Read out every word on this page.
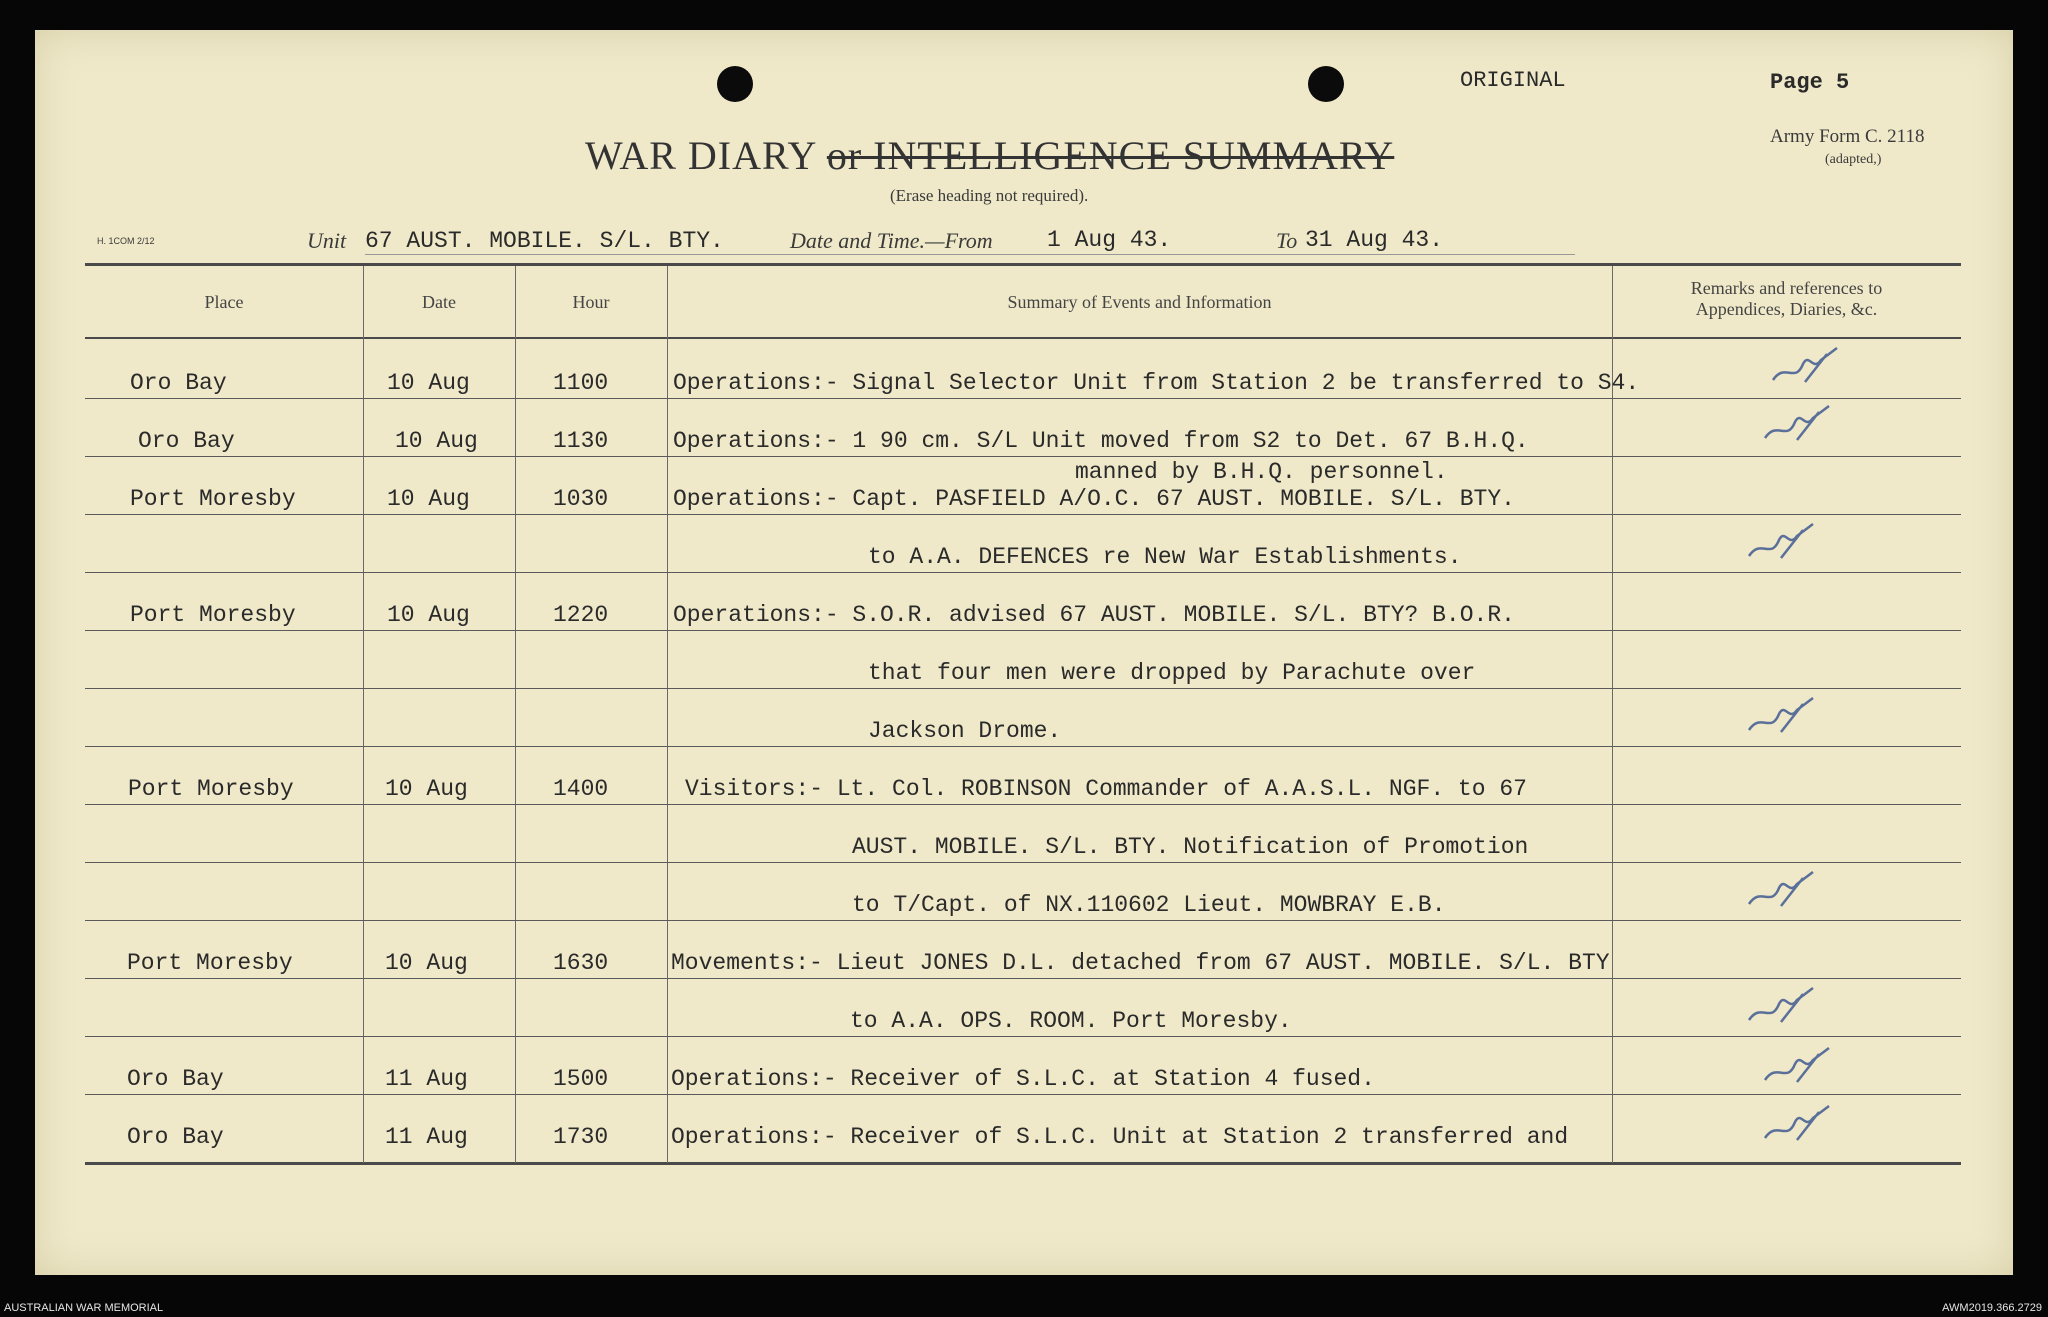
ORIGINAL	Page 5
Army Form C. 2118
(adapted,)
WAR DIARY or INTELLIGENCE SUMMARY
(Erase heading not required).
H. 1COM 2/12	Unit 67 AUST. MOBILE. S/L. BTY.	Date and Time.—From 1 Aug 43.	To 31 Aug 43.
Place	Date	Hour	Summary of Events and Information
Remarks and references to
Appendices, Diaries, &c.
Oro Bay	10 Aug	1100	Operations:- Signal Selector Unit from Station 2 be transferred to S4.
Oro Bay	10 Aug	1130	Operations:- 1 90 cm. S/L Unit moved from S2 to Det. 67 B.H.Q.
manned by B.H.Q. personnel.
Port Moresby	10 Aug	1030	Operations:- Capt. PASFIELD A/O.C. 67 AUST. MOBILE. S/L. BTY.
to A.A. DEFENCES re New War Establishments.
Port Moresby	10 Aug	1220	Operations:- S.O.R. advised 67 AUST. MOBILE. S/L. BTY? B.O.R.
that four men were dropped by Parachute over
Jackson Drome.
Port Moresby	10 Aug	1400	Visitors:- Lt. Col. ROBINSON Commander of A.A.S.L. NGF. to 67
AUST. MOBILE. S/L. BTY. Notification of Promotion
to T/Capt. of NX.110602 Lieut. MOWBRAY E.B.
Port Moresby	10 Aug	1630	Movements:- Lieut JONES D.L. detached from 67 AUST. MOBILE. S/L. BTY
to A.A. OPS. ROOM. Port Moresby.
Oro Bay	11 Aug	1500	Operations:- Receiver of S.L.C. at Station 4 fused.
Oro Bay	11 Aug	1730	Operations:- Receiver of S.L.C. Unit at Station 2 transferred and
AUSTRALIAN WAR MEMORIAL	AWM2019.366.2729
